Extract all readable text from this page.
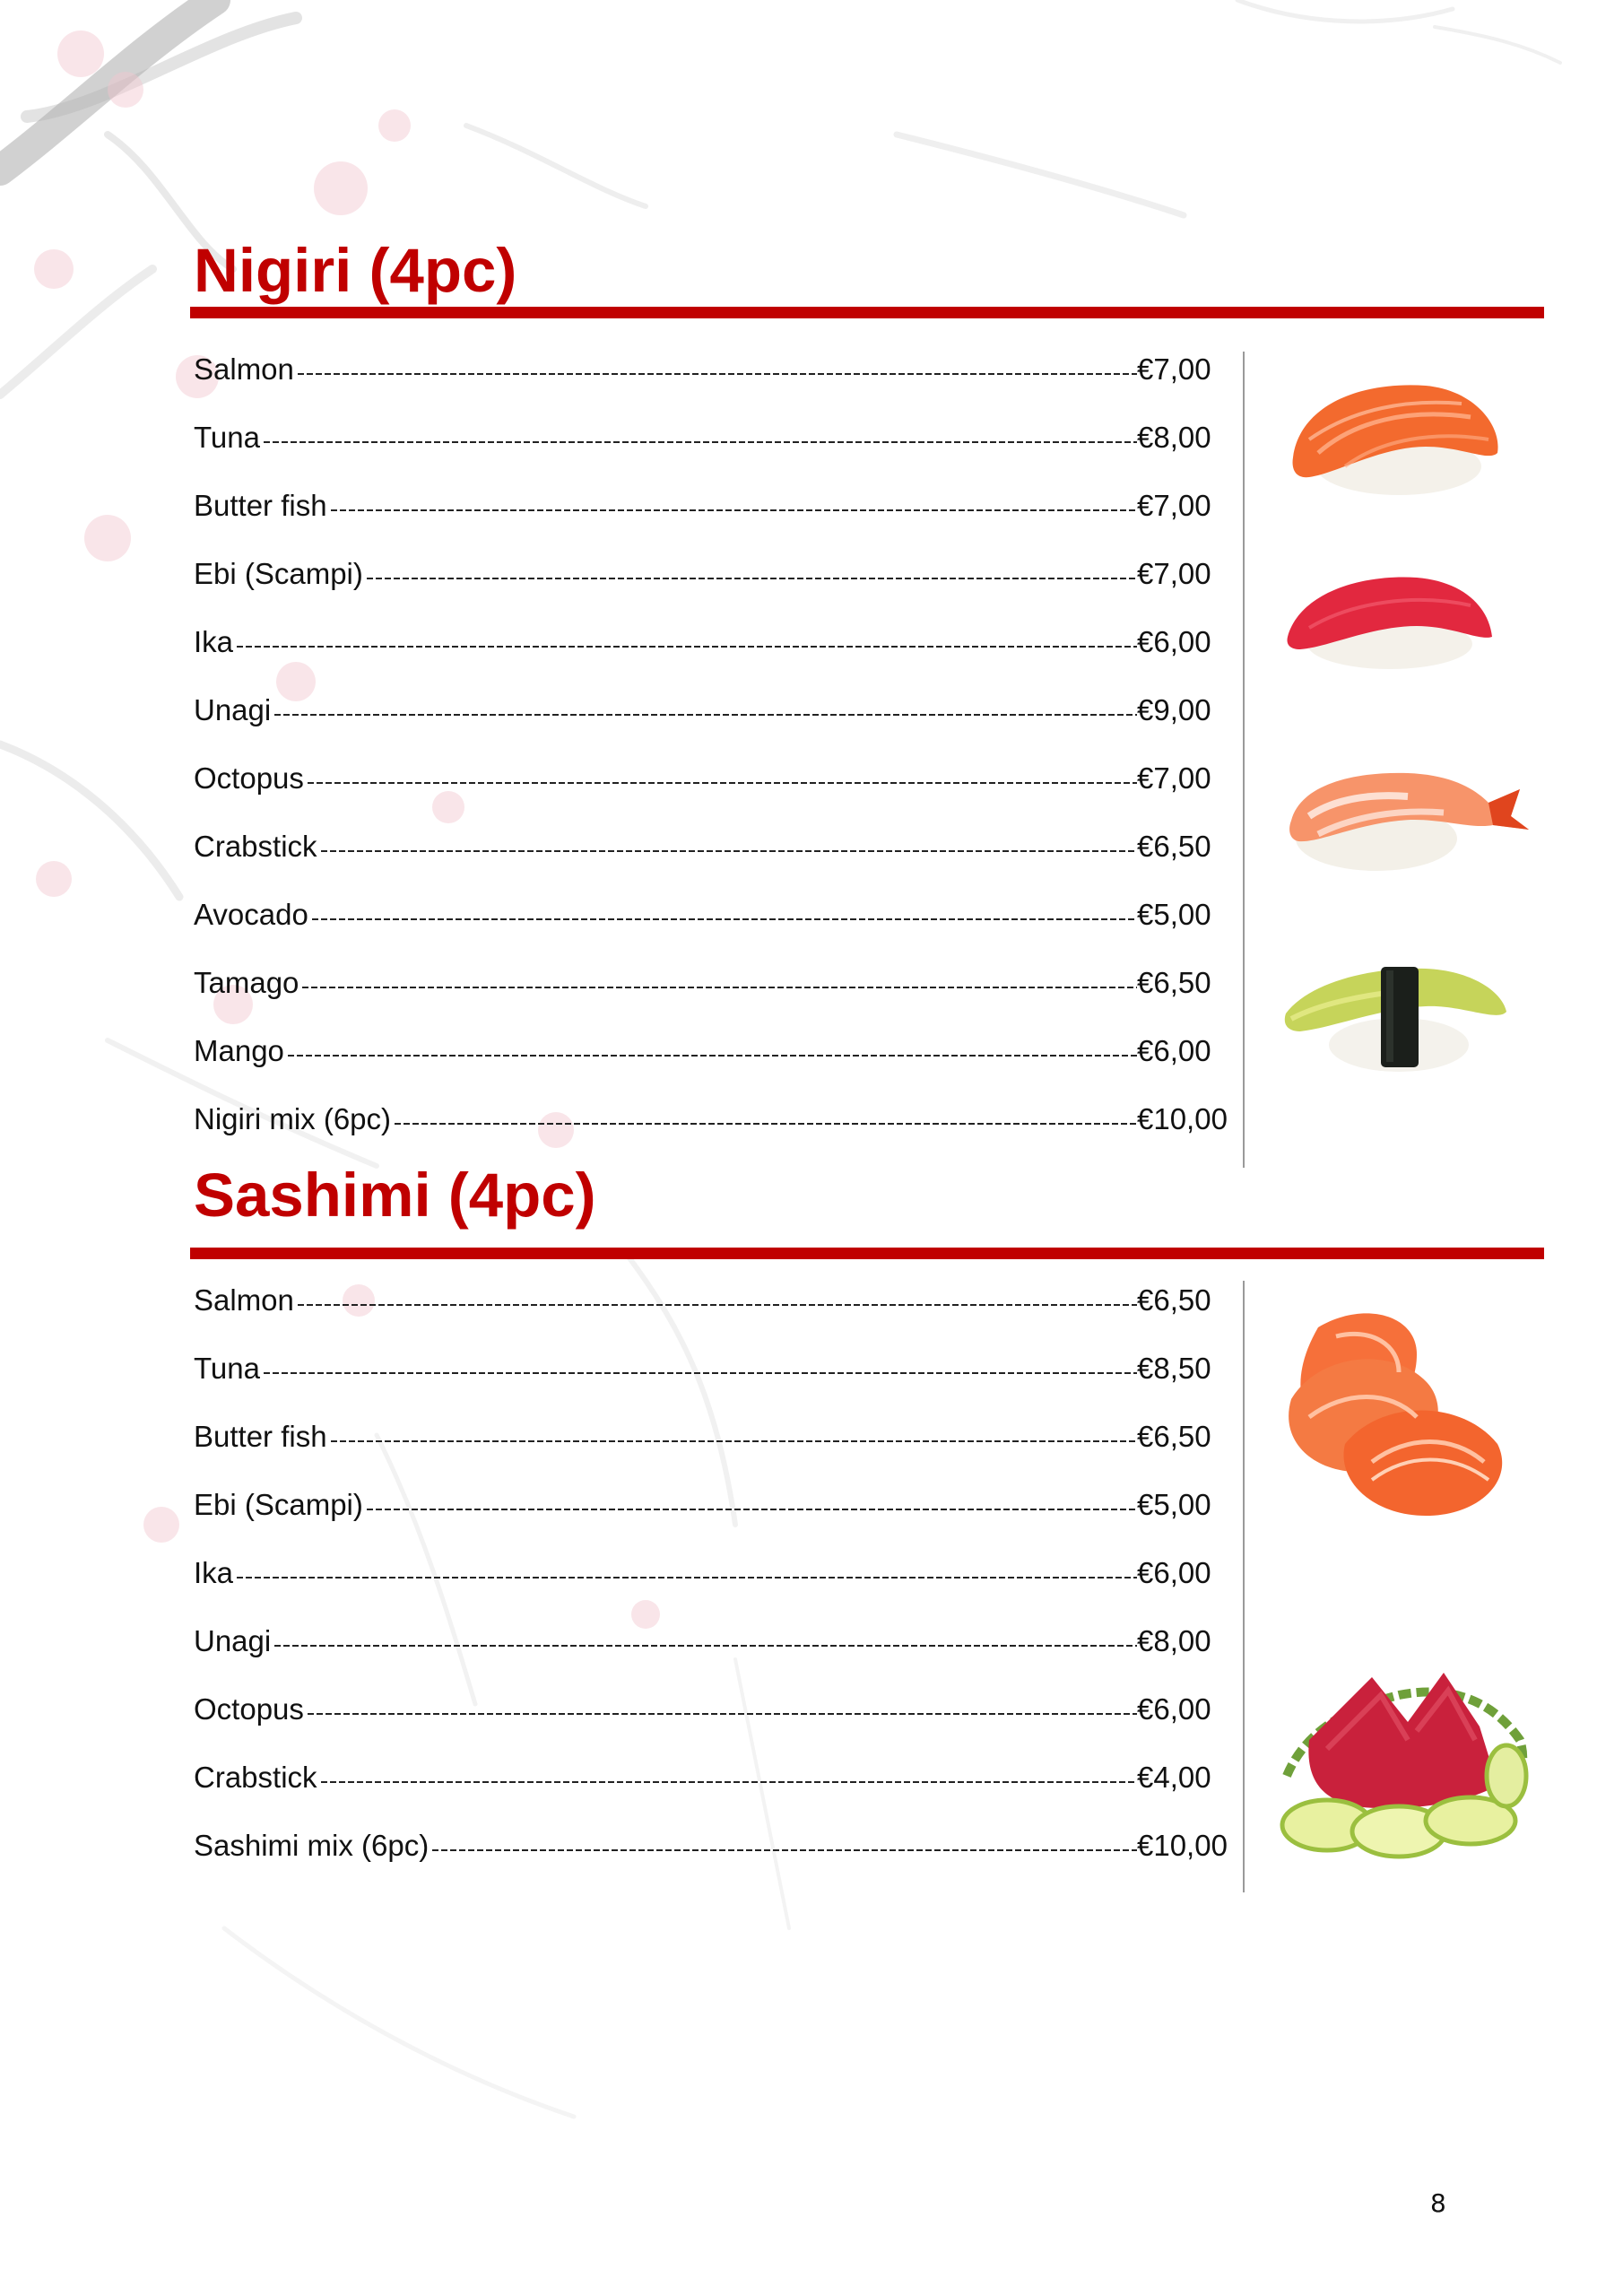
Nigiri (4pc)
Salmon	€7,00
Tuna	€8,00
Butter fish	€7,00
Ebi (Scampi)	€7,00
Ika	€6,00
Unagi	€9,00
Octopus	€7,00
Crabstick	€6,50
Avocado	€5,00
Tamago	€6,50
Mango	€6,00
Nigiri mix (6pc)	€10,00
Sashimi (4pc)
Salmon	€6,50
Tuna	€8,50
Butter fish	€6,50
Ebi (Scampi)	€5,00
Ika	€6,00
Unagi	€8,00
Octopus	€6,00
Crabstick	€4,00
Sashimi mix (6pc)	€10,00
8
